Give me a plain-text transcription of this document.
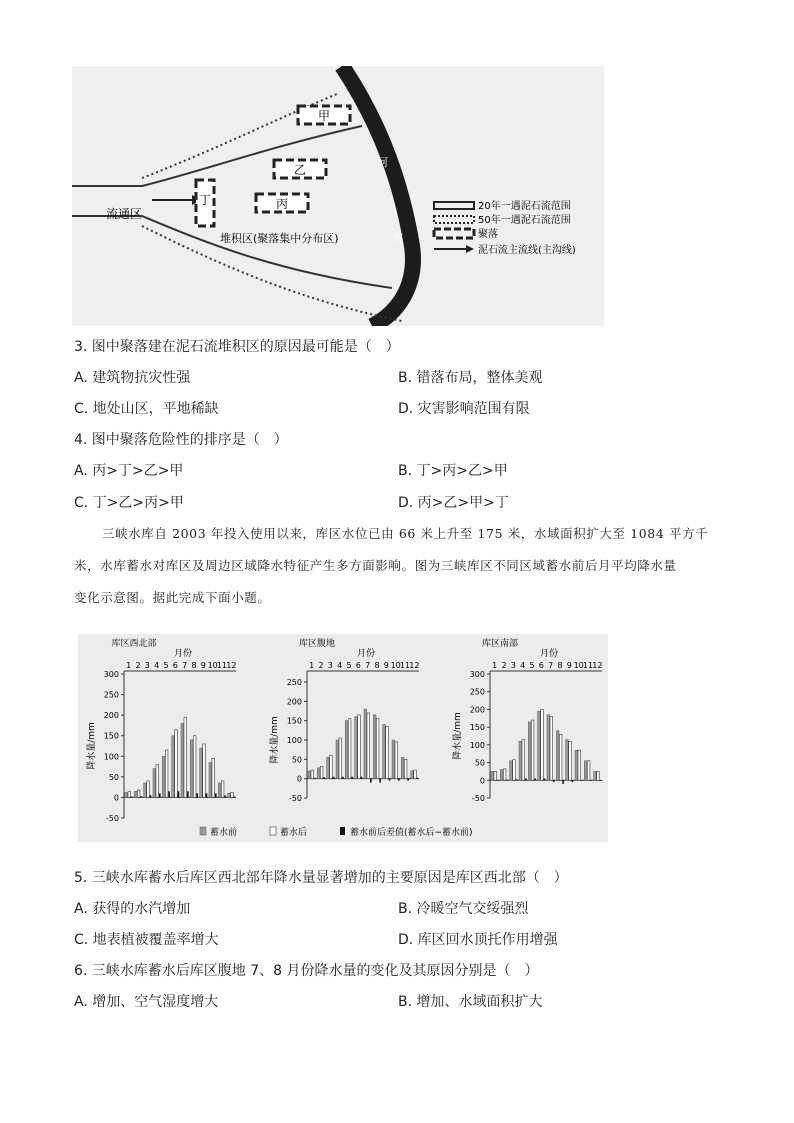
甲
乙
丙
丁
流通区
堆积区(聚落集中分布区)
河
流
20年一遇泥石流范围
50年一遇泥石流范围
聚落
泥石流主流线(主沟线)
3. 图中聚落建在泥石流堆积区的原因最可能是（　）
A. 建筑物抗灾性强	B. 错落布局，整体美观
C. 地处山区，平地稀缺	D. 灾害影响范围有限
4. 图中聚落危险性的排序是（　）
A. 丙>丁>乙>甲	B. 丁>丙>乙>甲
C. 丁>乙>丙>甲	D. 丙>乙>甲>丁
三峡水库自 2003 年投入使用以来，库区水位已由 66 米上升至 175 米，水域面积扩大至 1084 平方千
米，水库蓄水对库区及周边区域降水特征产生多方面影响。图为三峡库区不同区域蓄水前后月平均降水量
变化示意图。据此完成下面小题。
库区西北部
月份
1 2 3 4 5 6 7 8 9 10 11 12
-50
0
50
100
150
200
250
300
降水量/mm
库区腹地
月份
1 2 3 4 5 6 7 8 9 10 11 12
-50
0
50
100
150
200
250
降水量/mm
库区南部
月份
1 2 3 4 5 6 7 8 9 10 11 12
-50
0
50
100
150
200
250
300
降水量/mm
蓄水前	蓄水后	蓄水前后差值(蓄水后−蓄水前)
5. 三峡水库蓄水后库区西北部年降水量显著增加的主要原因是库区西北部（　）
A. 获得的水汽增加	B. 冷暖空气交绥强烈
C. 地表植被覆盖率增大	D. 库区回水顶托作用增强
6. 三峡水库蓄水后库区腹地 7、8 月份降水量的变化及其原因分别是（　）
A. 增加、空气湿度增大	B. 增加、水域面积扩大
